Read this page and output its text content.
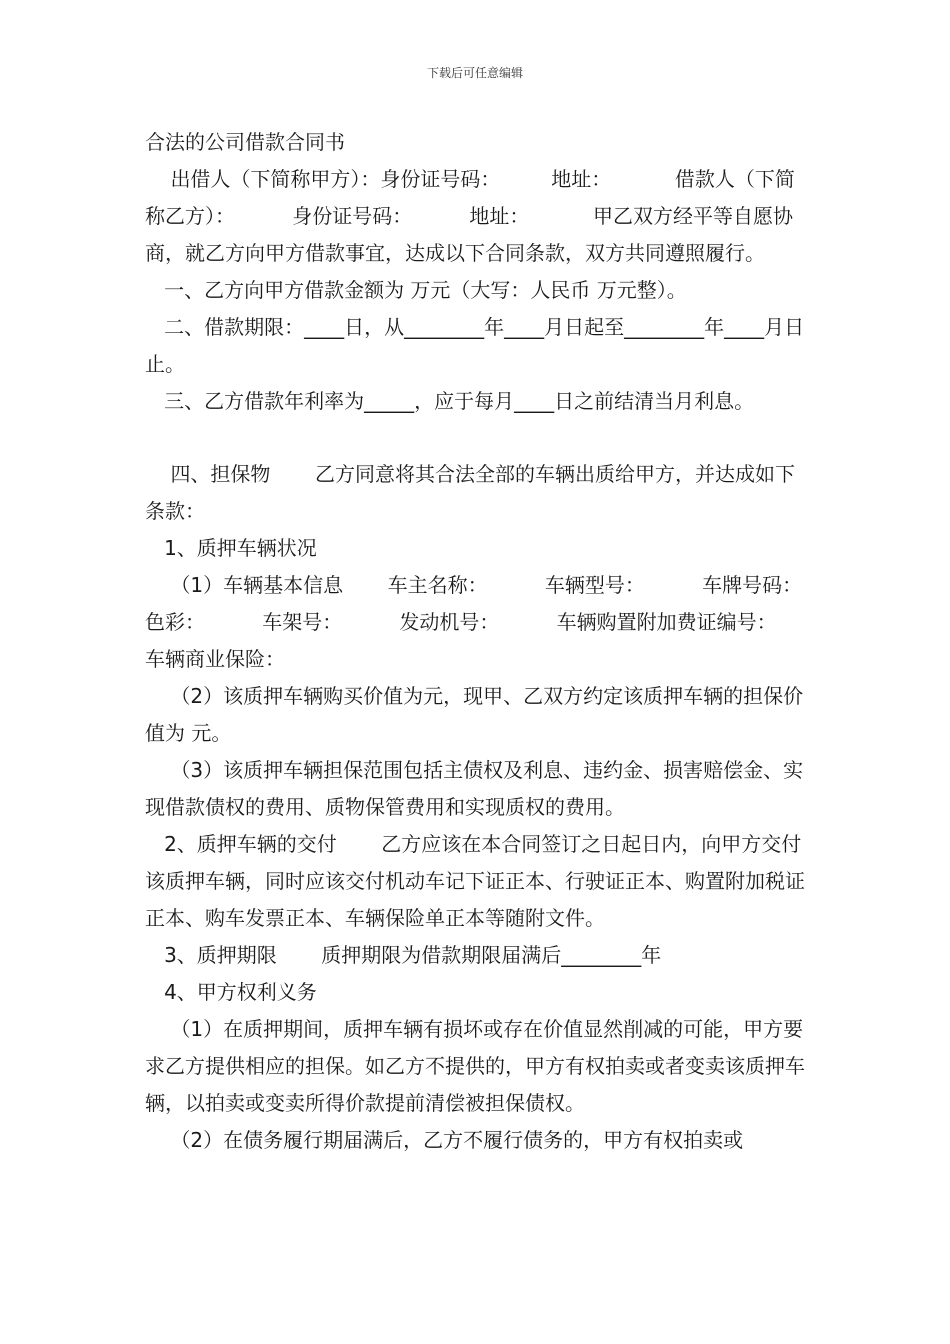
下载后可任意编辑

合法的公司借款合同书

出借人（下简称甲方）：身份证号码：        地址：          借款人（下简称乙方）：         身份证号码：         地址：          甲乙双方经平等自愿协商，就乙方向甲方借款事宜，达成以下合同条款，双方共同遵照履行。

一、乙方向甲方借款金额为 万元（大写：人民币 万元整）。

二、借款期限：____日，从________年____月日起至________年____月日止。

三、乙方借款年利率为_____，应于每月____日之前结清当月利息。

四、担保物       乙方同意将其合法全部的车辆出质给甲方，并达成如下条款：

1、质押车辆状况

（1）车辆基本信息       车主名称：         车辆型号：         车牌号码：         色彩：         车架号：         发动机号：         车辆购置附加费证编号：        车辆商业保险：

（2）该质押车辆购买价值为元，现甲、乙双方约定该质押车辆的担保价值为 元。

（3）该质押车辆担保范围包括主债权及利息、违约金、损害赔偿金、实现借款债权的费用、质物保管费用和实现质权的费用。

2、质押车辆的交付       乙方应该在本合同签订之日起日内，向甲方交付该质押车辆，同时应该交付机动车记下证正本、行驶证正本、购置附加税证正本、购车发票正本、车辆保险单正本等随附文件。

3、质押期限       质押期限为借款期限届满后________年

4、甲方权利义务

（1）在质押期间，质押车辆有损坏或存在价值显然削减的可能，甲方要求乙方提供相应的担保。如乙方不提供的，甲方有权拍卖或者变卖该质押车辆，以拍卖或变卖所得价款提前清偿被担保债权。

（2）在债务履行期届满后，乙方不履行债务的，甲方有权拍卖或
